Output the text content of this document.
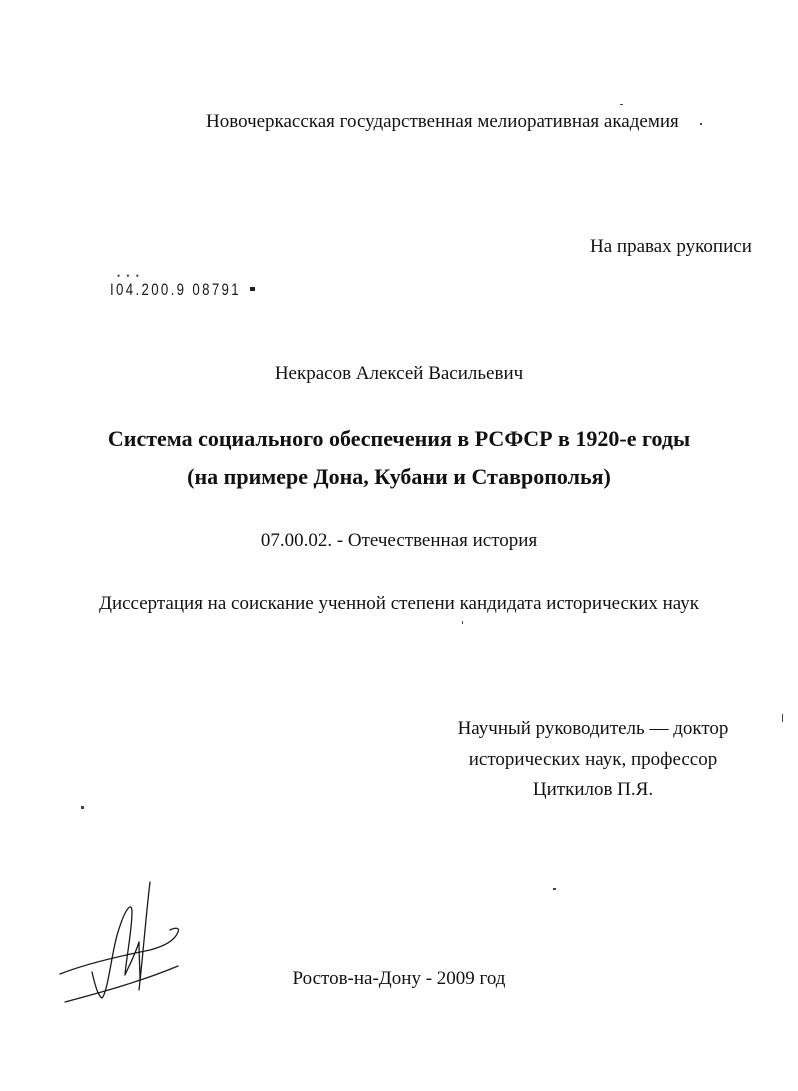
Новочеркасская государственная мелиоративная академия
На правах рукописи
• • •
I04.200.9 08791
Некрасов Алексей Васильевич
Система социального обеспечения в РСФСР в 1920-е годы
(на примере Дона, Кубани и Ставрополья)
07.00.02. - Отечественная история
Диссертация на соискание ученной степени кандидата исторических наук
Научный руководитель — доктор
исторических наук, профессор
Циткилов П.Я.
Ростов-на-Дону - 2009 год
